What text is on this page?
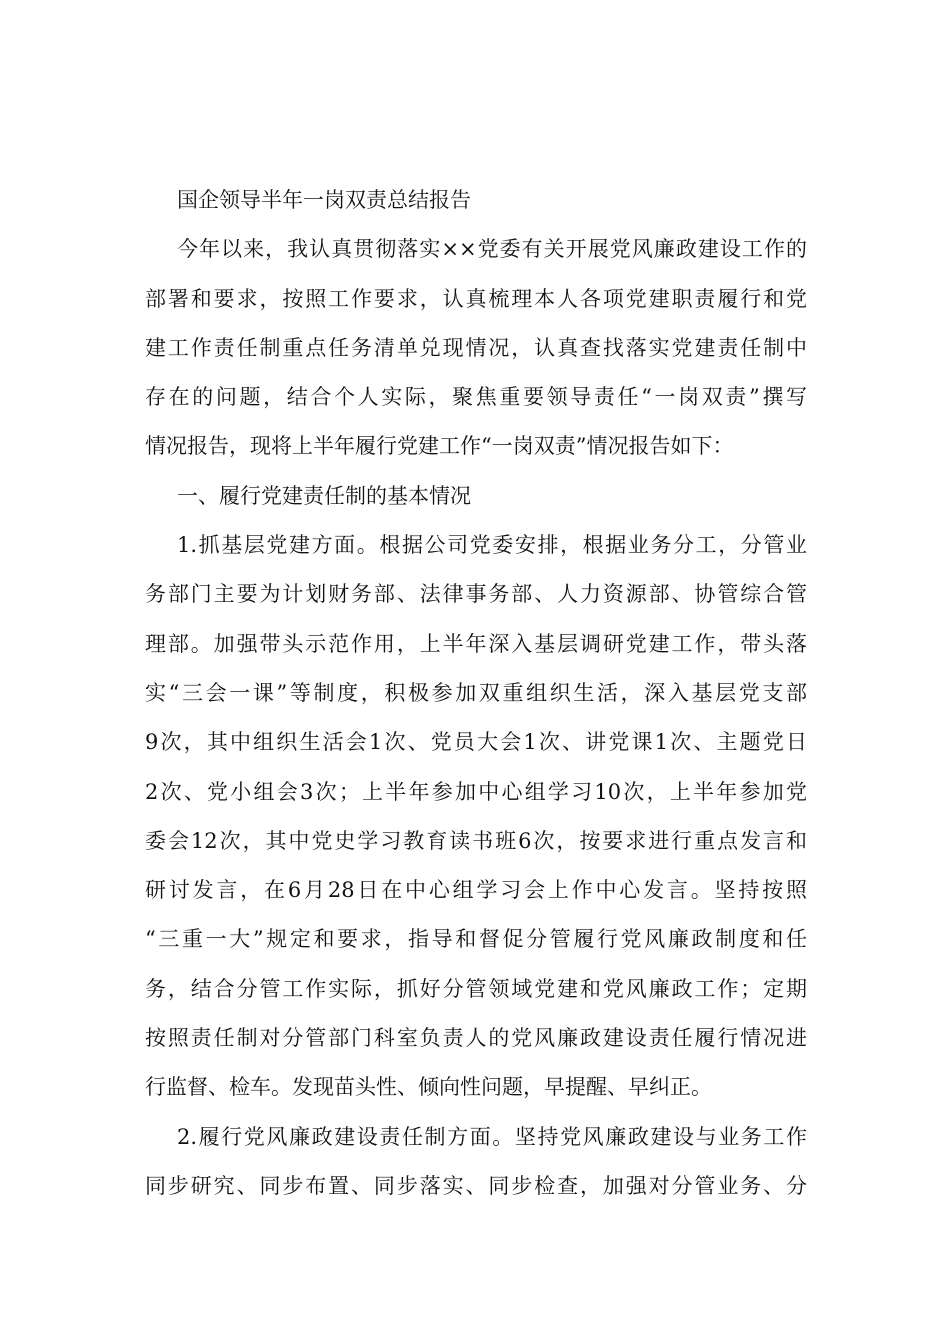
国企领导半年一岗双责总结报告
今年以来，我认真贯彻落实××党委有关开展党风廉政建设工作的
部署和要求，按照工作要求，认真梳理本人各项党建职责履行和党
建工作责任制重点任务清单兑现情况，认真查找落实党建责任制中
存在的问题，结合个人实际，聚焦重要领导责任“一岗双责”撰写
情况报告，现将上半年履行党建工作“一岗双责”情况报告如下：
一、履行党建责任制的基本情况
1.抓基层党建方面。根据公司党委安排，根据业务分工，分管业
务部门主要为计划财务部、法律事务部、人力资源部、协管综合管
理部。加强带头示范作用，上半年深入基层调研党建工作，带头落
实“三会一课”等制度，积极参加双重组织生活，深入基层党支部
9次，其中组织生活会1次、党员大会1次、讲党课1次、主题党日
2次、党小组会3次；上半年参加中心组学习10次，上半年参加党
委会12次，其中党史学习教育读书班6次，按要求进行重点发言和
研讨发言，在6月28日在中心组学习会上作中心发言。坚持按照
“三重一大”规定和要求，指导和督促分管履行党风廉政制度和任
务，结合分管工作实际，抓好分管领域党建和党风廉政工作；定期
按照责任制对分管部门科室负责人的党风廉政建设责任履行情况进
行监督、检车。发现苗头性、倾向性问题，早提醒、早纠正。
2.履行党风廉政建设责任制方面。坚持党风廉政建设与业务工作
同步研究、同步布置、同步落实、同步检查，加强对分管业务、分
